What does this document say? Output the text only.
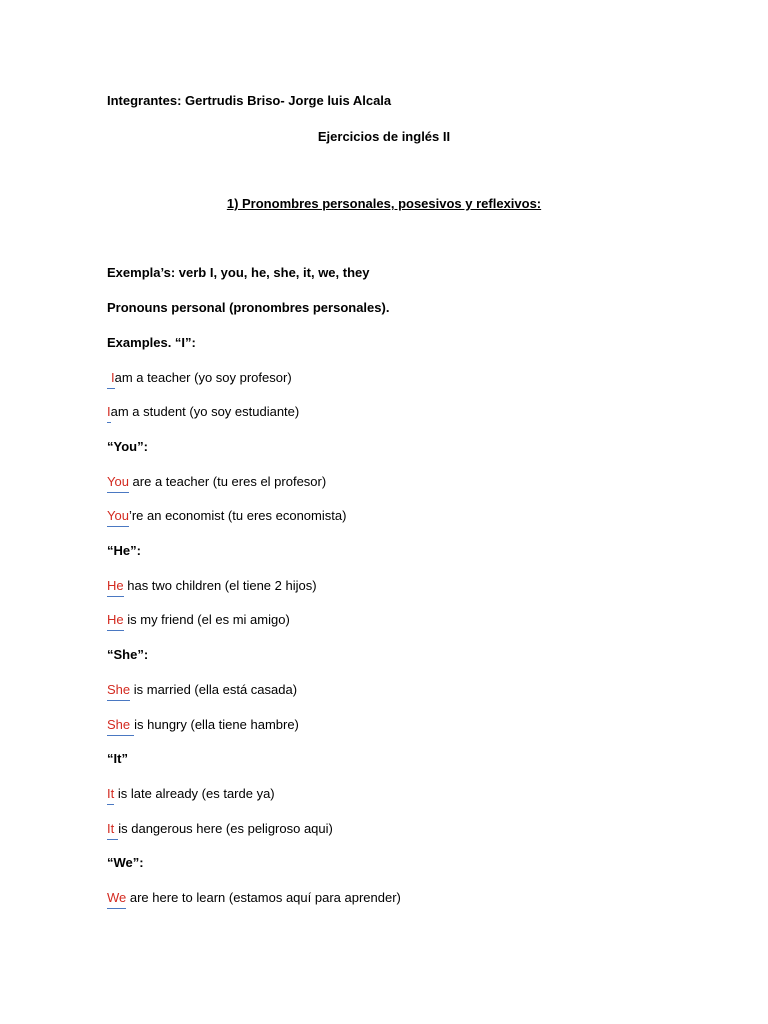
Integrantes: Gertrudis Briso- Jorge luis Alcala
Ejercicios de inglés II
1) Pronombres personales, posesivos y reflexivos:
Exempla’s: verb I, you, he, she, it, we, they
Pronouns personal (pronombres personales).
Examples. “I”:
Iam a teacher (yo soy profesor)
Iam a student (yo soy estudiante)
“You”:
You are a teacher (tu eres el profesor)
You’re an economist (tu eres economista)
“He”:
He has two children (el tiene 2 hijos)
He is my friend (el es mi amigo)
“She”:
She is married (ella está casada)
She is hungry (ella tiene hambre)
“It”
It is late already (es tarde ya)
It is dangerous here (es peligroso aqui)
“We”:
We are here to learn (estamos aquí para aprender)
